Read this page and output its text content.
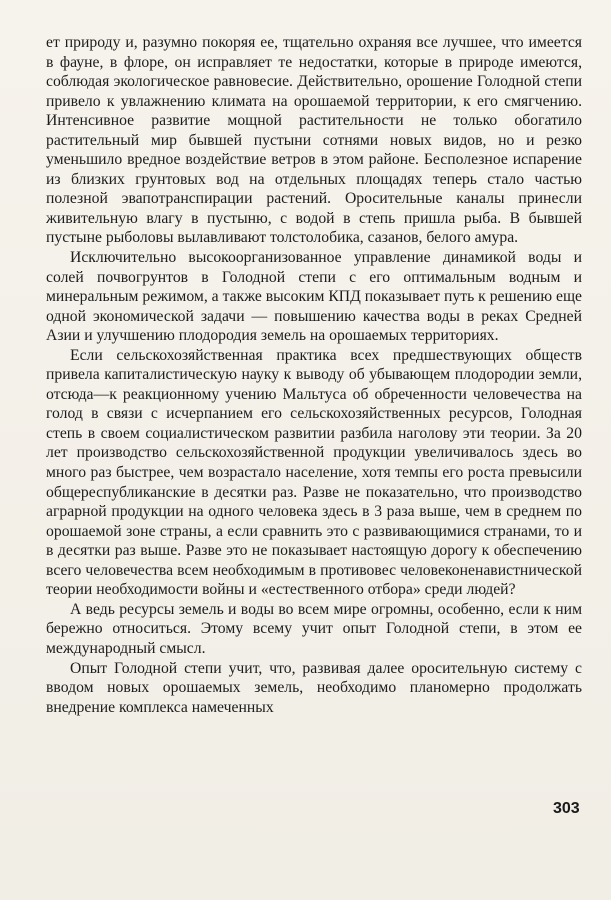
ет природу и, разумно покоряя ее, тщательно охраняя все лучшее, что имеется в фауне, в флоре, он исправляет те недостатки, которые в природе имеются, соблюдая экологическое равновесие. Действительно, орошение Голодной степи привело к увлажнению климата на орошаемой территории, к его смягчению. Интенсивное развитие мощной растительности не только обогатило растительный мир бывшей пустыни сотнями новых видов, но и резко уменьшило вредное воздействие ветров в этом районе. Бесполезное испарение из близких грунтовых вод на отдельных площадях теперь стало частью полезной эвапотранспирации растений. Оросительные каналы принесли живительную влагу в пустыню, с водой в степь пришла рыба. В бывшей пустыне рыболовы вылавливают толстолобика, сазанов, белого амура.

Исключительно высокоорганизованное управление динамикой воды и солей почвогрунтов в Голодной степи с его оптимальным водным и минеральным режимом, а также высоким КПД показывает путь к решению еще одной экономической задачи — повышению качества воды в реках Средней Азии и улучшению плодородия земель на орошаемых территориях.

Если сельскохозяйственная практика всех предшествующих обществ привела капиталистическую науку к выводу об убывающем плодородии земли, отсюда—к реакционному учению Мальтуса об обреченности человечества на голод в связи с исчерпанием его сельскохозяйственных ресурсов, Голодная степь в своем социалистическом развитии разбила наголову эти теории. За 20 лет производство сельскохозяйственной продукции увеличивалось здесь во много раз быстрее, чем возрастало население, хотя темпы его роста превысили общереспубликанские в десятки раз. Разве не показательно, что производство аграрной продукции на одного человека здесь в 3 раза выше, чем в среднем по орошаемой зоне страны, а если сравнить это с развивающимися странами, то и в десятки раз выше. Разве это не показывает настоящую дорогу к обеспечению всего человечества всем необходимым в противовес человеконенавистнической теории необходимости войны и «естественного отбора» среди людей?

А ведь ресурсы земель и воды во всем мире огромны, особенно, если к ним бережно относиться. Этому всему учит опыт Голодной степи, в этом ее международный смысл.

Опыт Голодной степи учит, что, развивая далее оросительную систему с вводом новых орошаемых земель, необходимо планомерно продолжать внедрение комплекса намеченных

303
